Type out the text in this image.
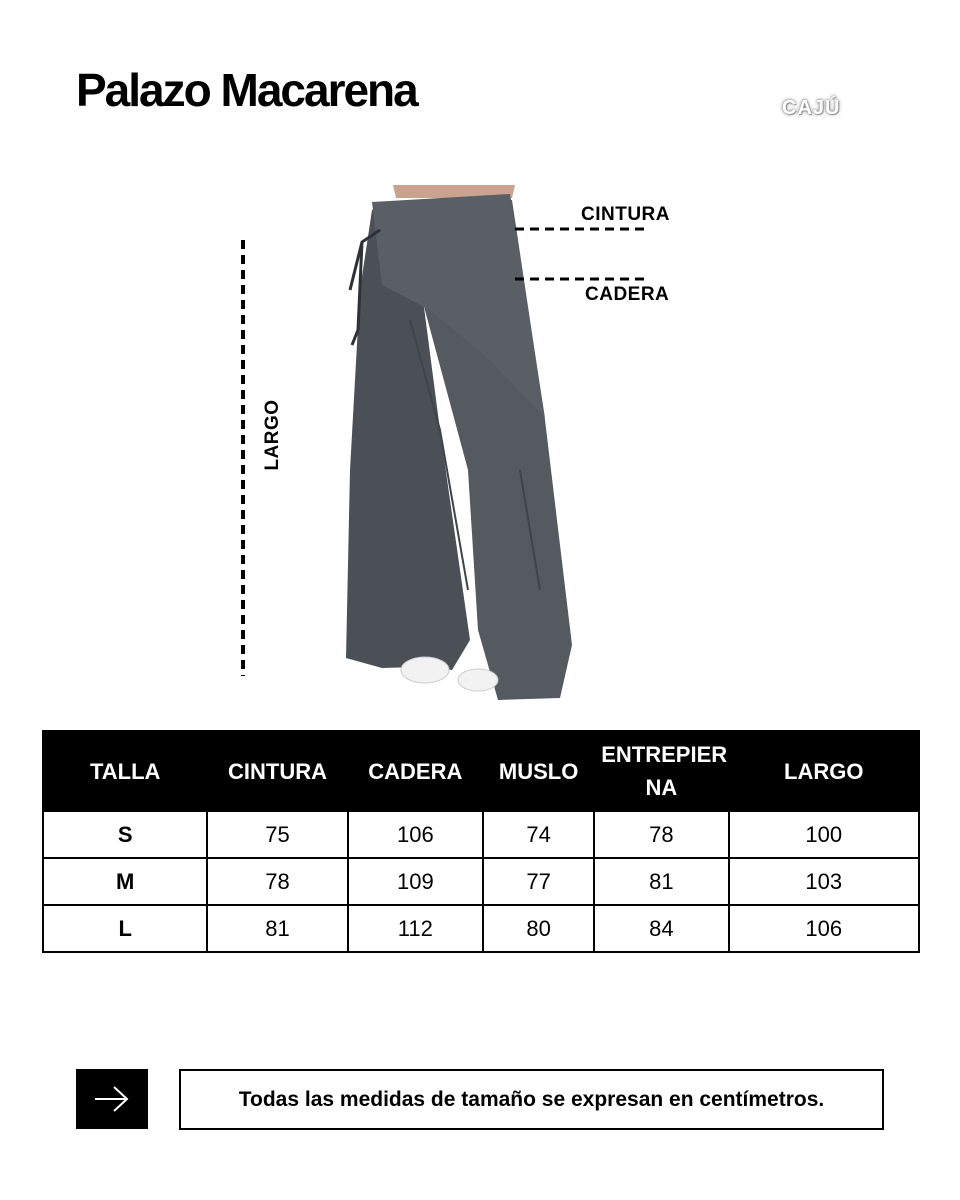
Palazo Macarena	CAJÚ
CINTURA
CADERA
LARGO
TALLA	CINTURA	CADERA	MUSLO	ENTREPIER NA	LARGO
S	75	106	74	78	100
M	78	109	77	81	103
L	81	112	80	84	106
Todas las medidas de tamaño se expresan en centímetros.
